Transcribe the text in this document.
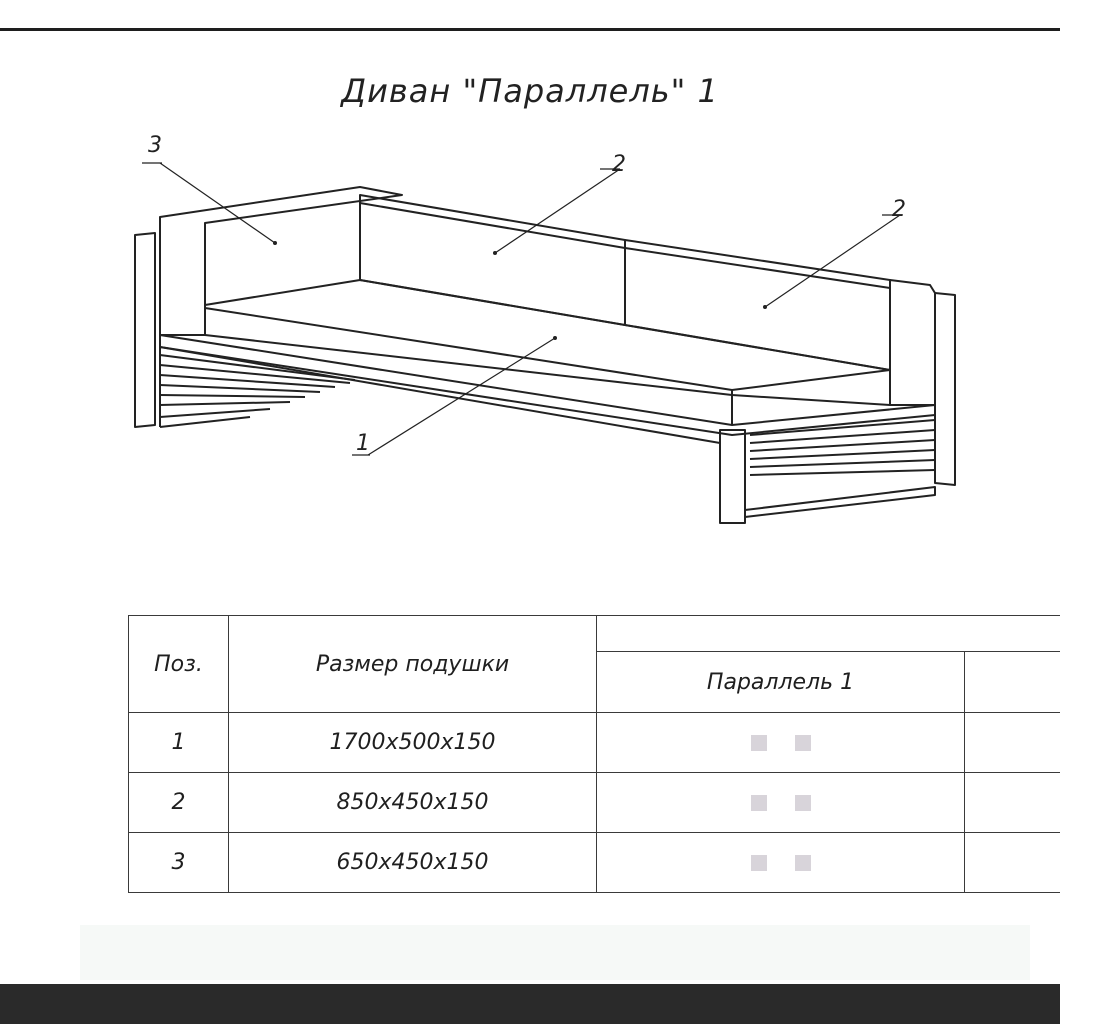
Диван "Параллель" 1
3
2
2
1
Поз.	Размер подушки		
		Параллель 1	
1	1700x500x150		
2	850x450x150		
3	650x450x150		
